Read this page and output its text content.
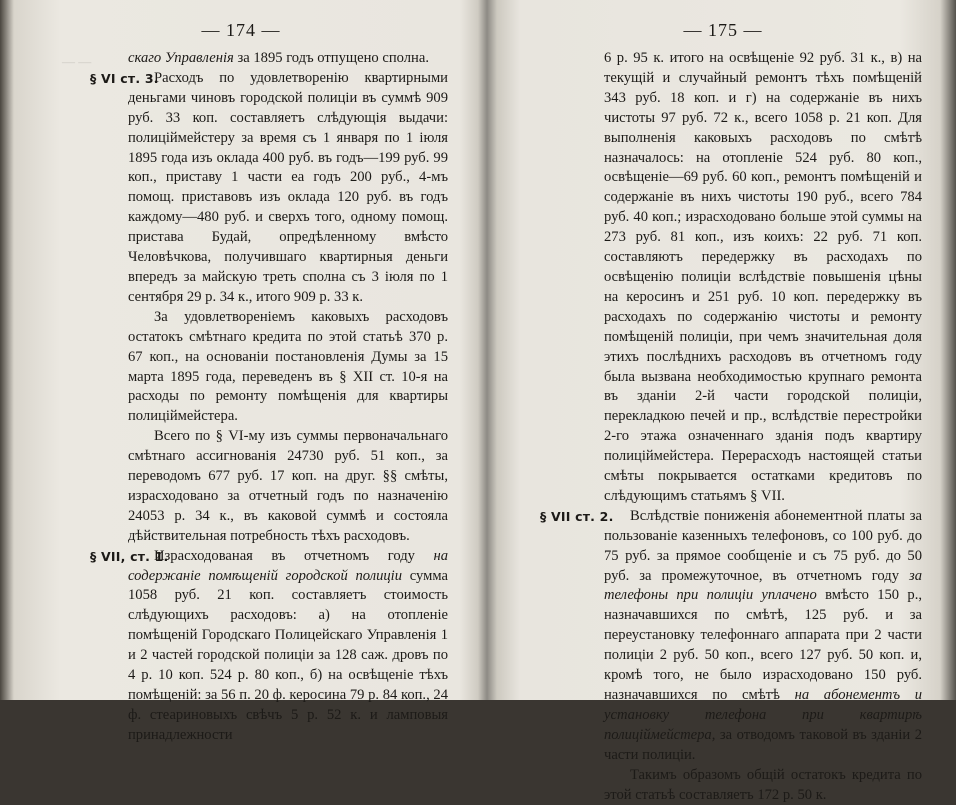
— —
— 174 —

скаго Управленія за 1895 годъ отпущено сполна.

§ VI ст. 3.
Расходъ по удовлетворенію квартирными деньгами чиновъ городской полиціи въ суммѣ 909 руб. 33 коп. составляетъ слѣдующія выдачи: полиціймейстеру за время съ 1 января по 1 іюля 1895 года изъ оклада 400 руб. въ годъ—199 руб. 99 коп., приставу 1 части ea годъ 200 руб., 4-мъ помощ. приставовъ изъ оклада 120 руб. въ годъ каждому—480 руб. и сверхъ того, одному помощ. пристава Будай, опредѣленному вмѣсто Человѣчкова, получившаго квартирныя деньги впередъ за майскую треть сполна съ 3 іюля по 1 сентября 29 р. 34 к., итого 909 р. 33 к.

За удовлетвореніемъ каковыхъ расходовъ остатокъ смѣтнаго кредита по этой статьѣ 370 р. 67 коп., на основаніи постановленія Думы за 15 марта 1895 года, переведенъ въ § XII ст. 10-я на расходы по ремонту помѣщенія для квартиры полиціймейстера.

Всего по § VI-му изъ суммы первоначальнаго смѣтнаго ассигнованія 24730 руб. 51 коп., за переводомъ 677 руб. 17 коп. на друг. §§ смѣты, израсходовано за отчетный годъ по назначенію 24053 р. 34 к., въ каковой суммѣ и состояла дѣйствительная потребность тѣхъ расходовъ.

§ VII, ст. 1.
Израсходованая въ отчетномъ году на содержаніе помѣщеній городской полиціи сумма 1058 руб. 21 коп. составляетъ стоимость слѣдующихъ расходовъ: а) на отопленіе помѣщеній Городскаго Полицейскаго Управленія 1 и 2 частей городской полиціи за 128 саж. дровъ по 4 р. 10 коп. 524 р. 80 коп., б) на освѣщеніе тѣхъ помѣщеній: за 56 п. 20 ф. керосина 79 р. 84 коп., 24 ф. стеариновыхъ свѣчъ 5 р. 52 к. и ламповыя принадлежности

— 175 —

6 р. 95 к. итого на освѣщеніе 92 руб. 31 к., в) на текущій и случайный ремонтъ тѣхъ помѣщеній 343 руб. 18 коп. и г) на содержаніе въ нихъ чистоты 97 руб. 72 к., всего 1058 р. 21 коп. Для выполненія каковыхъ расходовъ по смѣтѣ назначалось: на отопленіе 524 руб. 80 коп., освѣщеніе—69 руб. 60 коп., ремонтъ помѣщеній и содержаніе въ нихъ чистоты 190 руб., всего 784 руб. 40 коп.; израсходовано больше этой суммы на 273 руб. 81 коп., изъ коихъ: 22 руб. 71 коп. составляютъ передержку въ расходахъ по освѣщенію полиціи вслѣдствіе повышенія цѣны на керосинъ и 251 руб. 10 коп. передержку въ расходахъ по содержанію чистоты и ремонту помѣщеній полиціи, при чемъ значительная доля этихъ послѣднихъ расходовъ въ отчетномъ году была вызвана необходимостью крупнаго ремонта въ зданіи 2-й части городской полиціи, перекладкою печей и пр., вслѣдствіе перестройки 2-го этажа означеннаго зданія подъ квартиру полиціймейстера. Перерасходъ настоящей статьи смѣты покрывается остатками кредитовъ по слѣдующимъ статьямъ § VII.

§ VII ст. 2. Вслѣдствіе пониженія абонементной платы за пользованіе казенныхъ телефоновъ, со 100 руб. до 75 руб. за прямое сообщеніе и съ 75 руб. до 50 руб. за промежуточное, въ отчетномъ году за телефоны при полиціи уплачено вмѣсто 150 р., назначавшихся по смѣтѣ, 125 руб. и за переустановку телефоннаго аппарата при 2 части полиціи 2 руб. 50 коп., всего 127 руб. 50 коп. и, кромѣ того, не было израсходовано 150 руб. назначавшихся по смѣтѣ на абонементъ и установку телефона при квартирѣ полиціймейстера, за отводомъ таковой въ зданіи 2 части полиціи.

Такимъ образомъ общій остатокъ кредита по этой статьѣ составляетъ 172 р. 50 к.
